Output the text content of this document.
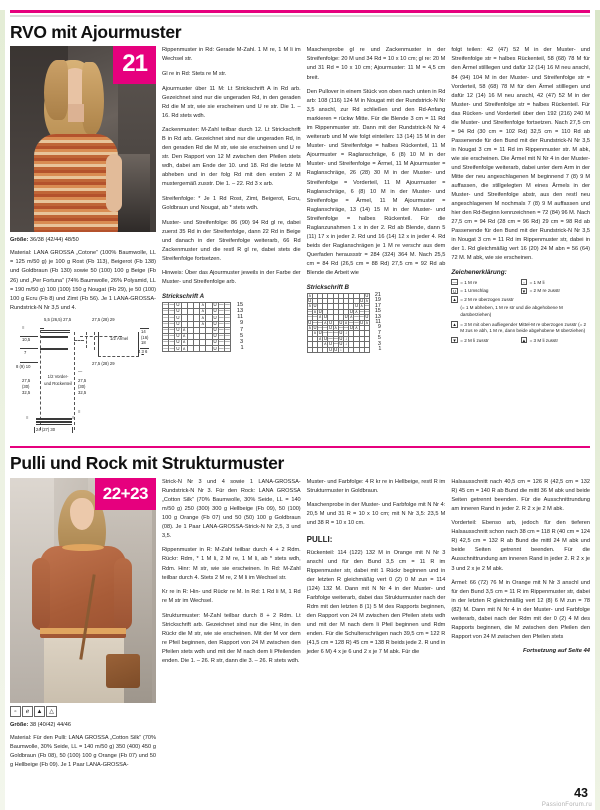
RVO mit Ajourmuster
21
Größe: 36/38 (42/44) 48/50

Material: LANA GROSSA „Cotone“ (100% Baumwolle, LL = 125 m/50 g) je 100 g Rost (Fb 113), Beigerot (Fb 138) und Goldbraun (Fb 130) sowie 50 (100) 100 g Beige (Fb 26) und „Per Fortuna“ (74% Baumwolle, 26% Polyamid, LL = 190 m/50 g) 100 (100) 150 g Nougat (Fb 29), je 50 (100) 100 g Ecru (Fb 8) und Zimt (Fb 56). Je 1 LANA-GROSSA-Rundstrick-N Nr 3,5 und 4.

5,5 (26,5) 27,5	27,5 (28) 29
≡
10,5
7
8 (9) 10
1/2 Ärmel
14
(16)
18
4 3 6
27,5 (28) 29
1/2 Vorder- und Rückenteil
27,5
(30)
32,5
27,5
(30)
32,5
—
≡
≡	≡
24 (27) 30

Rippenmuster in Rd: Gerade M-Zahl. 1 M re, 1 M li im Wechsel str.

Gl re in Rd: Stets re M str.

Ajourmuster über 11 M: Lt Strickschrift A in Rd arb. Gezeichnet sind nur die ungeraden Rd, in den geraden Rd die M str, wie sie erscheinen und U re str. Die 1. – 16. Rd stets wdh.

Zackenmuster: M-Zahl teilbar durch 12. Lt Strickschrift B in Rd arb. Gezeichnet sind nur die ungeraden Rd, in den geraden Rd die M str, wie sie erscheinen und U re str. Den Rapport von 12 M zwischen den Pfeilen stets wdh, dabei am Ende der 10. und 18. Rd die letzte M abheben und in der folg Rd mit den ersten 2 M mustergemäß zusstr. Die 1. – 22. Rd 3 x arb.

Streifenfolge: * Je 1 Rd Rost, Zimt, Beigerot, Ecru, Goldbraun und Nougat, ab * stets wdh.

Muster- und Streifenfolge: 86 (90) 94 Rd gl re, dabei zuerst 35 Rd in der Streifenfolge, dann 22 Rd in Beige und danach in der Streifenfolge weiterarb, 66 Rd Zackenmuster und die restl R gl re, dabei stets die Streifenfolge fortsetzen.

Hinweis: Über das Ajourmuster jeweils in der Farbe der Muster- und Streifenfolge arb.

Strickschrift A
—	—	U				ʌ		U	—	—	15
—	—	U				ʌ		U	—	—	13
—	—	U				ʌ		U	—	—	11
—	—	U				ʌ		U	—	—	9
—	—	U	ʌ					U	—	—	7
—	—	U	ʌ					U	—	—	5
—	—	U	ʌ					U	—	—	3
—	—	U	ʌ					U	—	—	1

Maschenprobe gl re und Zackenmuster in der Streifenfolge: 20 M und 34 Rd = 10 x 10 cm; gl re: 20 M und 31 Rd = 10 x 10 cm; Ajourmuster: 11 M = 4,5 cm breit.

Den Pullover in einem Stück von oben nach unten in Rd arb: 108 (116) 124 M in Nougat mit der Rundstrick-N Nr 3,5 anschl, zur Rd schließen und den Rd-Anfang markieren = rückw Mitte. Für die Blende 3 cm = 11 Rd im Rippenmuster str. Dann mit der Rundstrick-N Nr 4 weiterarb und M wie folgt einteilen: 13 (14) 15 M in der Muster- und Streifenfolge = halbes Rückenteil, 11 M Ajourmuster = Raglanschräge, 6 (8) 10 M in der Muster- und Streifenfolge = Ärmel, 11 M Ajourmuster = Raglanschräge, 26 (28) 30 M in der Muster- und Streifenfolge = Vorderteil, 11 M Ajourmuster = Raglanschräge, 6 (8) 10 M in der Muster- und Streifenfolge = Ärmel, 11 M Ajourmuster = Raglanschräge, 13 (14) 15 M in der Muster- und Streifenfolge = halbes Rückenteil. Für die Raglanzunahmen 1 x in der 2. Rd ab Blende, dann 5 (11) 17 x in jeder 2. Rd und 16 (14) 12 x in jeder 4. Rd beids der Raglanschrägen je 1 M re verschr aus dem Querfaden heraussstr = 284 (324) 364 M. Nach 25,5 cm = 84 Rd (26,5 cm = 88 Rd) 27,5 cm = 92 Rd ab Blende die Arbeit wie

Strickschrift B
ʌ											U	21
U										U	ʌ	19
ʌ	U								U	ʌ	—	17
—	ʌ	U						U	ʌ	—	—	15
—	—	ʌ	U				U	ʌ	—	—	U	13
U	—	—	ʌ	U		U	ʌ	—	—	U	ʌ	11
ʌ	U	—	—	U	ʌ	—	—	U	ʌ			9
	ʌ	U	—	—	—	U	↓					7
		ʌ	U	—	—	U	↓					5
			ʌ	U	—	U	↓					3
				U	U	↓						1

folgt teilen: 42 (47) 52 M in der Muster- und Streifenfolge str = halbes Rückenteil, 58 (68) 78 M für den Ärmel stilllegen und dafür 12 (14) 16 M neu anschl, 84 (94) 104 M in der Muster- und Streifenfolge str = Vorderteil, 58 (68) 78 M für den Ärmel stilllegen und dafür 12 (14) 16 M neu anschl, 42 (47) 52 M in der Muster- und Streifenfolge str = halbes Rückenteil. Für das Rücken- und Vorderteil über den 192 (216) 240 M die Muster- und Streifenfolge fortsetzen. Nach 27,5 cm = 94 Rd (30 cm = 102 Rd) 32,5 cm = 110 Rd ab Passenende für den Bund mit der Rundstrick-N Nr 3,5 in Nougat 3 cm = 11 Rd im Rippenmuster str. M abk, wie sie erscheinen. Die Ärmel mit N Nr 4 in der Muster- und Streifenfolge weiterarb, dabei unter dem Arm in der Mitte der neu angeschlagenen M beginnend 7 (8) 9 M auffassen, die stillgelegten M eines Ärmels in der Muster- und Streifenfolge abstr, aus den restl neu angeschlagenen M nochmals 7 (8) 9 M auffassen und hier den Rd-Beginn kennzeichnen = 72 (84) 96 M. Nach 27,5 cm = 94 Rd (28 cm = 96 Rd) 29 cm = 98 Rd ab Passenende für den Bund mit der Rundstrick-N Nr 3,5 in Nougat 3 cm = 11 Rd im Rippenmuster str, dabei in der 1. Rd gleichmäßig vert 16 (20) 24 M abn = 56 (64) 72 M. M abk, wie sie erscheinen.

Zeichenerklärung:
— = 1 M re	▫	= 1 M li
U = 1 Umschlag	▼ = 2 M re zusstr
▲ = 2 M re überzogen zusstr
(= 1 M abheben, 1 M re str und die abgehobene M darüberziehen)
▲ = 3 M mit oben aufliegender Mittel-M re überzogen zusstr (= 2 M zus re abh, 1 M re, dann beide abgehobene M überziehen)
▼ = 2 M li zusstr	▲ = 3 M li zusstr
Pulli und Rock mit Strukturmuster
22+23
▫	ℯ	▲	△
Größe: 38 (40/42) 44/46

Material: Für den Pulli: LANA GROSSA „Cotton Silk“ (70% Baumwolle, 30% Seide, LL = 140 m/50 g) 350 (400) 450 g Goldbraun (Fb 08), 50 (100) 100 g Orange (Fb 07) und 50 g Hellbeige (Fb 09). Je 1 Paar LANA-GROSSA-

Strick-N Nr 3 und 4 sowie 1 LANA-GROSSA-Rundstrick-N Nr 3. Für den Rock: LANA GROSSA „Cotton Silk“ (70% Baumwolle, 30% Seide, LL = 140 m/50 g) 250 (300) 300 g Hellbeige (Fb 09), 50 (100) 100 g Orange (Fb 07) und 50 (50) 100 g Goldbraun (08). Je 1 Paar LANA-GROSSA-Strick-N Nr 2,5, 3 und 3,5.

Rippenmuster in R: M-Zahl teilbar durch 4 + 2 Rdm. Rückr: Rdm, * 1 M li, 2 M re, 1 M li, ab * stets wdh, Rdm. Hinr: M str, wie sie erscheinen. In Rd: M-Zahl teilbar durch 4. Stets 2 M re, 2 M li im Wechsel str.

Kr re in R: Hin- und Rückr re M. In Rd: 1 Rd li M, 1 Rd re M str im Wechsel.

Strukturmuster: M-Zahl teilbar durch 8 + 2 Rdm. Lt Strickschrift arb. Gezeichnet sind nur die Hinr, in den Rückr die M str, wie sie erscheinen. Mit der M vor dem re Pfeil beginnen, den Rapport von 24 M zwischen den Pfeilen stets wdh und mit der M nach dem li Pfeilenden enden. Die 1. – 26. R str, dann die 3. – 26. R stets wdh.

Muster- und Farbfolge: 4 R kr re in Hellbeige, restl R im Strukturmuster in Goldbraun.

Maschenprobe in der Muster- und Farbfolge mit N Nr 4: 20,5 M und 31 R = 10 x 10 cm; mit N Nr 3,5: 23,5 M und 38 R = 10 x 10 cm.

PULLI:

Rückenteil: 114 (122) 132 M in Orange mit N Nr 3 anschl und für den Bund 3,5 cm = 11 R im Rippenmuster str, dabei mit 1 Rückr beginnen und in der letzten R gleichmäßig vert 0 (2) 0 M zun = 114 (124) 132 M. Dann mit N Nr 4 in der Muster- und Farbfolge weiterarb, dabei das Strukturmuster nach der Rdm mit den letzten 8 (1) 5 M des Rapports beginnen, den Rapport von 24 M zwischen den Pfeilen stets wdh und mit der M nach dem li Pfeil beginnen und Rdm enden. Für die Schulterschrägen nach 39,5 cm = 122 R (41,5 cm = 128 R) 45 cm = 138 R beids jede 2. R und in jeder 6 M) 4 x je 6 und 2 x je 7 M abk. Für die

Halsausschnitt nach 40,5 cm = 126 R (42,5 cm = 132 R) 45 cm = 140 R ab Bund die mittl 36 M abk und beide Seiten getrennt beenden. Für die Ausschnittrundung am inneren Rand in jeder 2. R 2 x je 2 M abk.

Vorderteil: Ebenso arb, jedoch für den tieferen Halsausschnitt schon nach 38 cm = 118 R (40 cm = 124 R) 42,5 cm = 132 R ab Bund die mittl 24 M abk und beide Seiten getrennt beenden. Für die Ausschnittrundung am inneren Rand in jeder 2. R 2 x je 3 und 2 x je 2 M abk.

Ärmel: 66 (72) 76 M in Orange mit N Nr 3 anschl und für den Bund 3,5 cm = 11 R im Rippenmuster str, dabei in der letzten R gleichmäßig vert 12 (8) 6 M zun = 78 (82) M. Dann mit N Nr 4 in der Muster- und Farbfolge weiterarb, dabei nach der Rdm mit der 0 (2) 4 M des Rapports beginnen, die M zwischen den Pfeilen den Rapport von 24 M zwischen den Pfeilen stets

Fortsetzung auf Seite 44
43
PassionForum.ru
